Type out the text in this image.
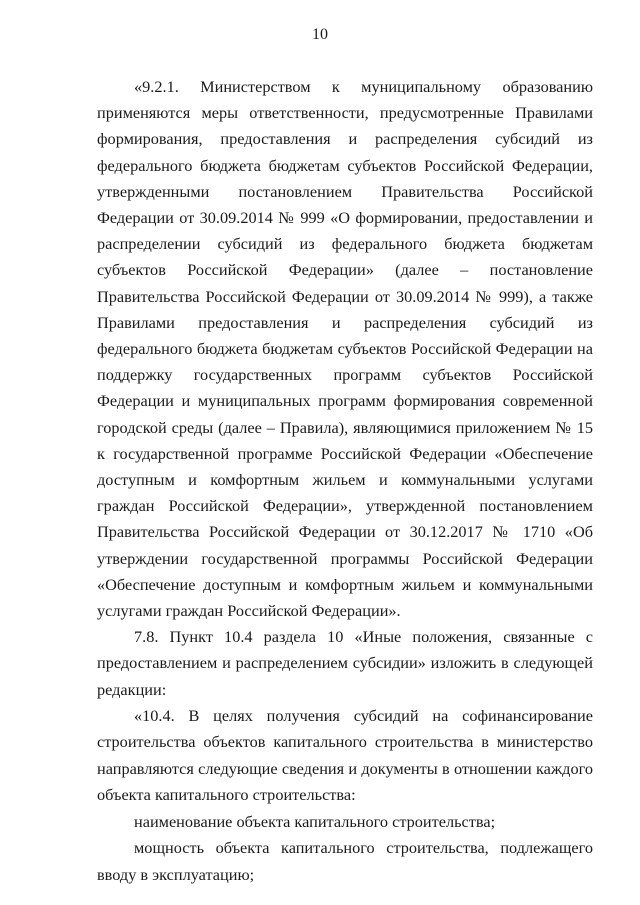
10

«9.2.1. Министерством к муниципальному образованию применяются меры ответственности, предусмотренные Правилами формирования, предоставления и распределения субсидий из федерального бюджета бюджетам субъектов Российской Федерации, утвержденными постановлением Правительства Российской Федерации от 30.09.2014 № 999 «О формировании, предоставлении и распределении субсидий из федерального бюджета бюджетам субъектов Российской Федерации» (далее – постановление Правительства Российской Федерации от 30.09.2014 № 999), а также Правилами предоставления и распределения субсидий из федерального бюджета бюджетам субъектов Российской Федерации на поддержку государственных программ субъектов Российской Федерации и муниципальных программ формирования современной городской среды (далее – Правила), являющимися приложением № 15 к государственной программе Российской Федерации «Обеспечение доступным и комфортным жильем и коммунальными услугами граждан Российской Федерации», утвержденной постановлением Правительства Российской Федерации от 30.12.2017 № 1710 «Об утверждении государственной программы Российской Федерации «Обеспечение доступным и комфортным жильем и коммунальными услугами граждан Российской Федерации».

7.8. Пункт 10.4 раздела 10 «Иные положения, связанные с предоставлением и распределением субсидии» изложить в следующей редакции:

«10.4. В целях получения субсидий на софинансирование строительства объектов капитального строительства в министерство направляются следующие сведения и документы в отношении каждого объекта капитального строительства:

наименование объекта капитального строительства;

мощность объекта капитального строительства, подлежащего вводу в эксплуатацию;
